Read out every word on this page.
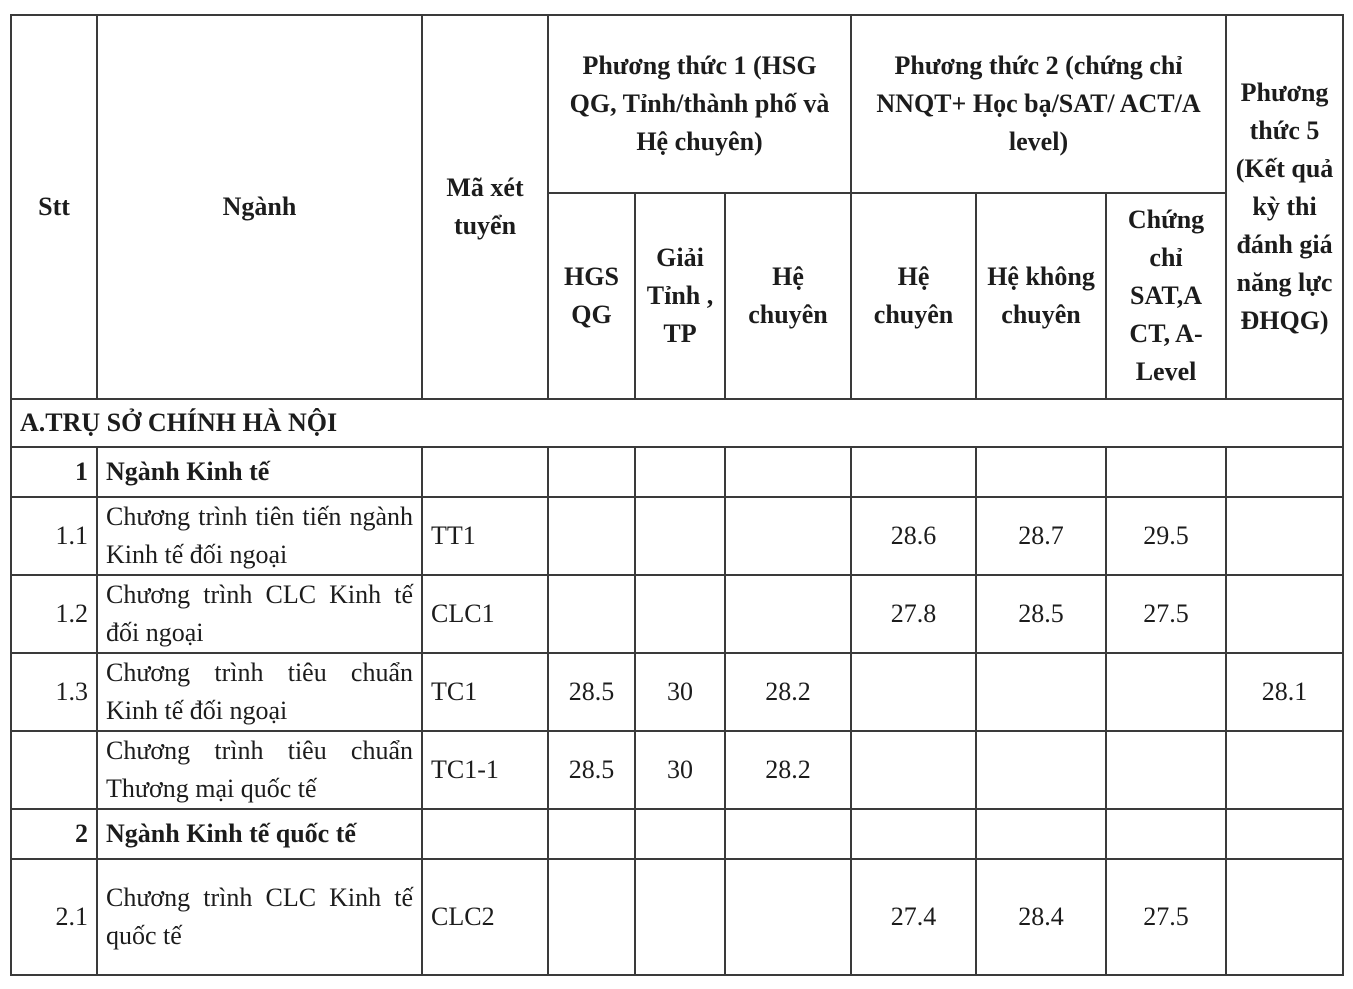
Stt	Ngành	Mã xét tuyển	Phương thức 1 (HSG QG, Tỉnh/thành phố và Hệ chuyên)			Phương thức 2 (chứng chỉ NNQT+ Học bạ/SAT/ ACT/A level)			Phương thức 5 (Kết quả kỳ thi đánh giá năng lực ĐHQG)
			HGS QG	Giải Tỉnh , TP	Hệ chuyên	Hệ chuyên	Hệ không chuyên	Chứng chỉ SAT,A CT, A-Level	
A.TRỤ SỞ CHÍNH HÀ NỘI									
1	Ngành Kinh tế								
1.1	Chương trình tiên tiến ngành Kinh tế đối ngoại	TT1				28.6	28.7	29.5	
1.2	Chương trình CLC Kinh tế đối ngoại	CLC1				27.8	28.5	27.5	
1.3	Chương trình tiêu chuẩn Kinh tế đối ngoại	TC1	28.5	30	28.2				28.1
	Chương trình tiêu chuẩn Thương mại quốc tế	TC1-1	28.5	30	28.2				
2	Ngành Kinh tế quốc tế								
2.1	Chương trình CLC Kinh tế quốc tế	CLC2				27.4	28.4	27.5	
